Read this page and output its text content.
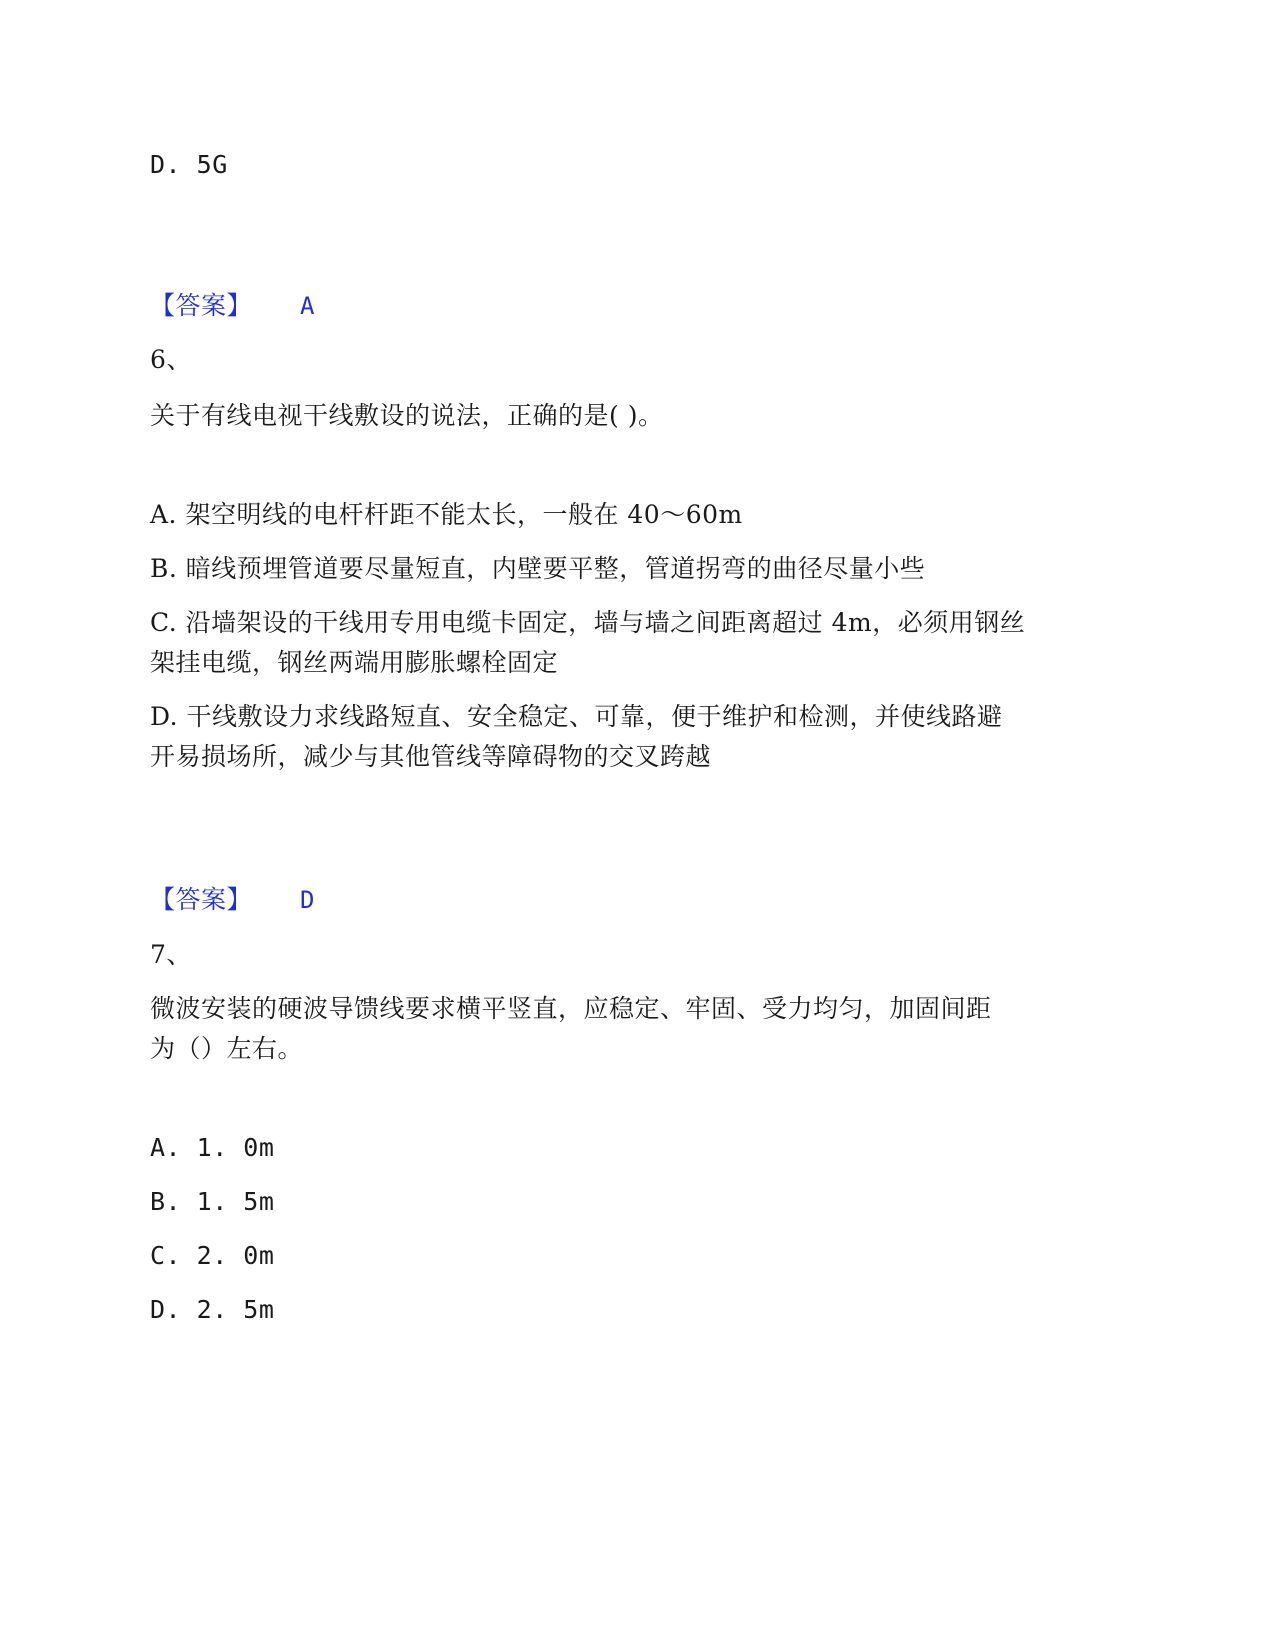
D. 5G
【答案】 A
6、
关于有线电视干线敷设的说法，正确的是( )。
A. 架空明线的电杆杆距不能太长，一般在 40～60m
B. 暗线预埋管道要尽量短直，内壁要平整，管道拐弯的曲径尽量小些
C. 沿墙架设的干线用专用电缆卡固定，墙与墙之间距离超过 4m，必须用钢丝
架挂电缆，钢丝两端用膨胀螺栓固定
D. 干线敷设力求线路短直、安全稳定、可靠，便于维护和检测，并使线路避
开易损场所，减少与其他管线等障碍物的交叉跨越
【答案】 D
7、
微波安装的硬波导馈线要求横平竖直，应稳定、牢固、受力均匀，加固间距
为（）左右。
A. 1. 0m
B. 1. 5m
C. 2. 0m
D. 2. 5m
